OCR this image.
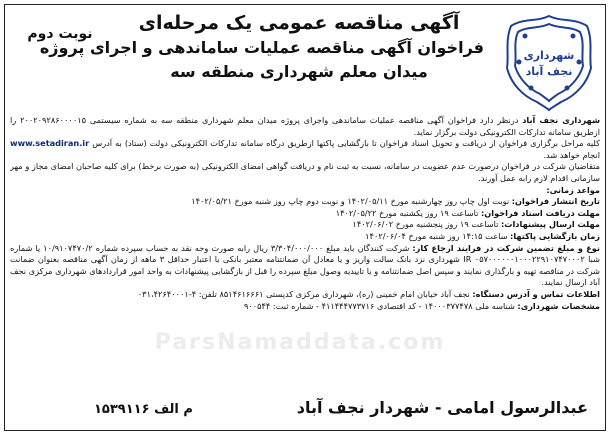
نوبت دوم	آگهی مناقصه عمومی یک مرحله‌ای
فراخوان آگهی مناقصه عملیات ساماندهی و اجرای پروژه
میدان معلم شهرداری منطقه سه
شهرداری
نجف آباد

شهرداری نجف آباد درنظر دارد فراخوان آگهی مناقصه عملیات ساماندهی واجرای پروژه میدان معلم شهرداری منطقه سه به شماره سیستمی ۲۰۰۲۰۹۲۸۶۰۰۰۰۱۵ را ازطریق سامانه تدارکات الکترونیکی دولت برگزار نماید.

کلیه مراحل برگزاری فراخوان از دریافت و تحویل اسناد فراخوان تا بازگشایی پاکتها ازطریق درگاه سامانه تدارکات الکترونیکی دولت (ستاد) به آدرس www.setadiran.ir انجام خواهد شد.

متقاضیان شرکت در فراخوان درصورت عدم عضویت در سامانه، نسبت به ثبت نام و دریافت گواهی امضای الکترونیکی (به صورت برخط) برای کلیه صاحبان امضای مجاز و مهر سازمانی اقدام لازم رابه عمل آورند.

مواعد زمانی:

تاریخ انتشار فراخوان: نوبت اول چاپ روز چهارشنبه مورخ ۱۴۰۲/۰۵/۱۱ و نوبت دوم چاپ روز شنبه مورخ ۱۴۰۲/۰۵/۲۱

مهلت دریافت اسناد فراخوان: تاساعت ۱۹ روز یکشنبه مورخ ۱۴۰۲/۰۵/۲۲

مهلت ارسال پیشنهادات: تاساعت ۱۹ روز پنجشنبه مورخ ۱۴۰۲/۰۶/۰۲

زمان بازگشایی پاکتها: ساعت ۱۴:۱۵ روز شنبه مورخ ۱۴۰۲/۰۶/۰۴

نوع و مبلغ تضمین شرکت در فرایند ارجاع کار: شرکت کنندگان باید مبلغ ۳/۳۰۴/۰۰۰/۰۰۰ ریال رابه صورت وجه نقد به حساب سپرده شماره ۱۰/۹۱۰۷۴۷۰/۲ یا شماره شبا IR ۰۵۷۰۰۰۰۰۰۱۰۰۰۲۲۹۱۰۷۴۷۰۰۰۲ شهرداری نزد بانک سالت واریز و یا معادل آن ضمانتنامه معتبر بانکی با اعتبار حداقل ۳ ماهه از زمان آگهی مناقصه بعنوان ضمانت شرکت در مناقصه تهیه و بارگذاری نمایند و سپس اصل ضمانتنامه و یا تاییدیه وصول مبلغ سپرده را قبل از بازگشایی پیشنهادات به واحد امور قراردادهای شهرداری مرکزی نجف آباد ارسال نمایند.

اطلاعات تماس و آدرس دستگاه: نجف آباد خیابان امام خمینی (ره)، شهرداری مرکزی کدپستی ۸۵۱۴۶۱۶۶۶۱ تلفن: ۴-۰۳۱،۴۲۶۴۰۰۰۱

مشخصات شهرداری: شناسه ملی ۱۴۰۰۰۳۷۷۴۷۸ - کد اقتصادی ۴۱۱۴۴۴۷۷۳۷۱۶ - شماره ثبت: ۹۰۰۵۴۴

ParsNamaddata.com
عبدالرسول امامی - شهردار نجف آباد
م الف ۱۵۳۹۱۱۶
